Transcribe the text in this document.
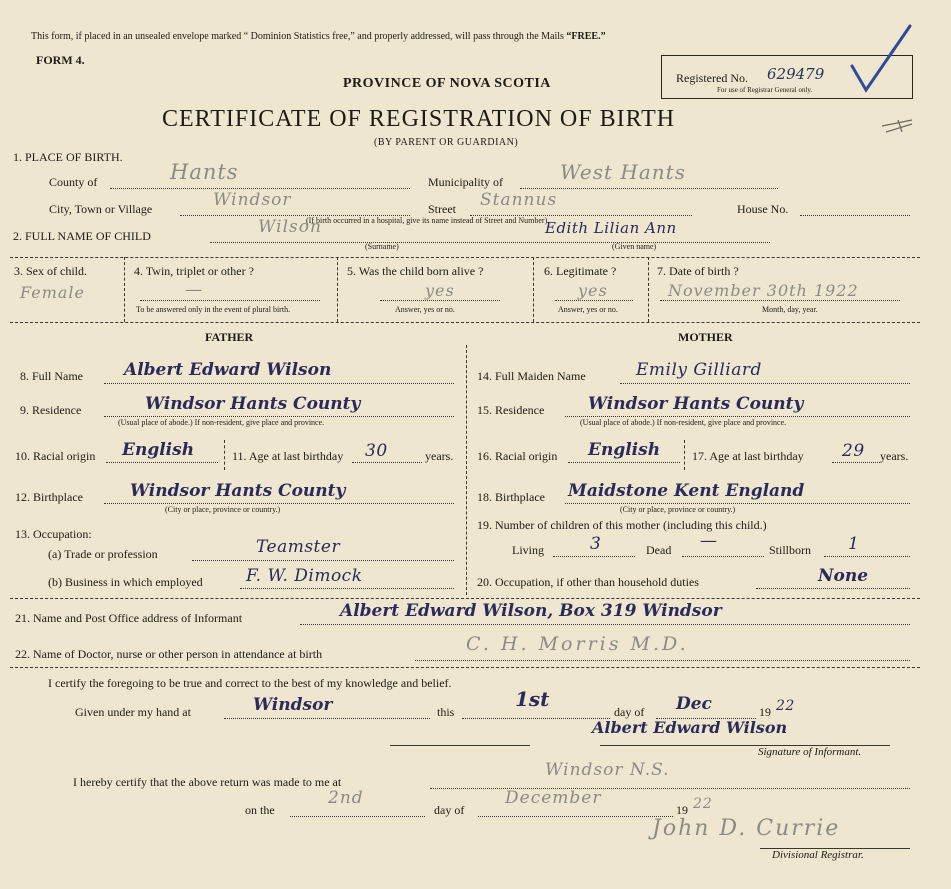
This form, if placed in an unsealed envelope marked “ Dominion Statistics free,” and properly addressed, will pass through the Mails “FREE.”
FORM 4.
PROVINCE OF NOVA SCOTIA	Registered No. 629479
For use of Registrar General only.
CERTIFICATE OF REGISTRATION OF BIRTH
(BY PARENT OR GUARDIAN)
1. PLACE OF BIRTH.
County of	Hants	Municipality of	West Hants
City, Town or Village	Windsor	Street Stannus	House No.
(If birth occurred in a hospital, give its name instead of Street and Number)
2. FULL NAME OF CHILD	Wilson
(Surname)
Edith Lilian Ann
(Given name)
3. Sex of child.
Female
4. Twin, triplet or other ?
—
To be answered only in the event of plural birth.
5. Was the child born alive ?
yes
Answer, yes or no.
6. Legitimate ?
yes
Answer, yes or no.
7. Date of birth ?
November 30th 1922
Month, day, year.
FATHER	MOTHER
8. Full Name Albert Edward Wilson
9. Residence	Windsor Hants County
(Usual place of abode.) If non-resident, give place and province.
10. Racial origin English	11. Age at last birthday 30	years.
12. Birthplace	Windsor Hants County
(City or place, province or country.)
13. Occupation:
(a) Trade or profession	Teamster
(b) Business in which employed	F. W. Dimock
14. Full Maiden Name	Emily Gilliard
15. Residence	Windsor Hants County
(Usual place of abode.) If non-resident, give place and province.
16. Racial origin English	17. Age at last birthday 29 years.
18. Birthplace Maidstone Kent England
(City or place, province or country.)
19. Number of children of this mother (including this child.)
Living	3	Dead —	Stillborn 1
20. Occupation, if other than household duties	None
21. Name and Post Office address of Informant	Albert Edward Wilson, Box 319 Windsor
22. Name of Doctor, nurse or other person in attendance at birth	C. H. Morris M.D.
I certify the foregoing to be true and correct to the best of my knowledge and belief.
Given under my hand at	Windsor	this
1st
day of Dec	19 22
Albert Edward Wilson
Signature of Informant.
I hereby certify that the above return was made to me at
Windsor N.S.
on the
2nd
day of
December
19 22
John D. Currie
Divisional Registrar.
